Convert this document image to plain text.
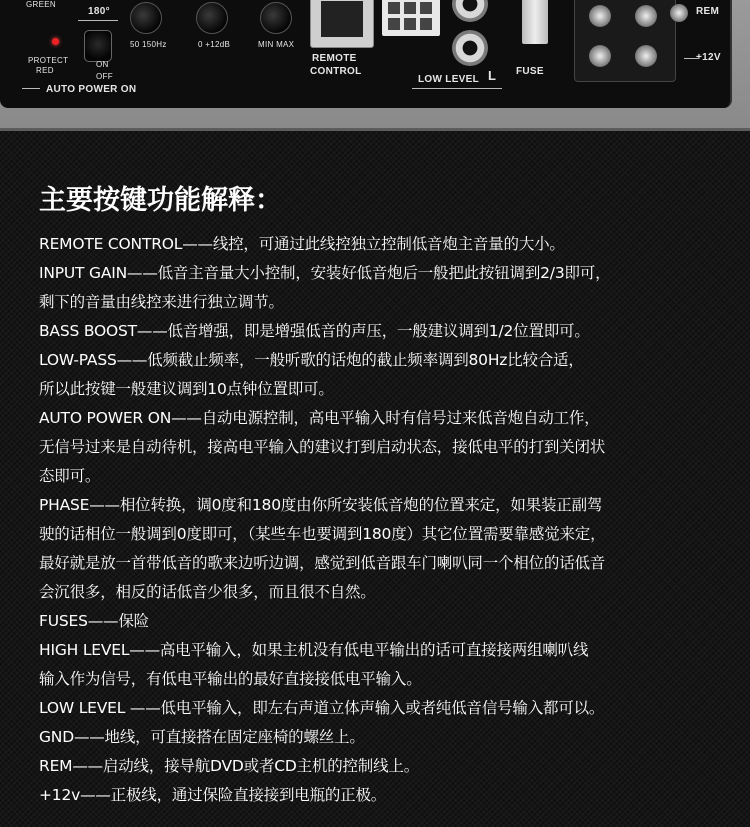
GREEN
180°
50 150Hz	0 +12dB	MIN MAX
REMOTE
CONTROL
LOW LEVEL L FUSE
REM
+12V
PROTECT
RED
ON
OFF
AUTO POWER ON
主要按键功能解释：
REMOTE CONTROL——线控，可通过此线控独立控制低音炮主音量的大小。
INPUT GAIN——低音主音量大小控制，安装好低音炮后一般把此按钮调到2/3即可，
剩下的音量由线控来进行独立调节。
BASS BOOST——低音增强，即是增强低音的声压，一般建议调到1/2位置即可。
LOW-PASS——低频截止频率，一般听歌的话炮的截止频率调到80Hz比较合适，
所以此按键一般建议调到10点钟位置即可。
AUTO POWER ON——自动电源控制，高电平输入时有信号过来低音炮自动工作，
无信号过来是自动待机，接高电平输入的建议打到启动状态，接低电平的打到关闭状
态即可。
PHASE——相位转换，调0度和180度由你所安装低音炮的位置来定，如果装正副驾
驶的话相位一般调到0度即可，（某些车也要调到180度）其它位置需要靠感觉来定，
最好就是放一首带低音的歌来边听边调，感觉到低音跟车门喇叭同一个相位的话低音
会沉很多，相反的话低音少很多，而且很不自然。
FUSES——保险
HIGH LEVEL——高电平输入，如果主机没有低电平输出的话可直接接两组喇叭线
输入作为信号，有低电平输出的最好直接接低电平输入。
LOW LEVEL ——低电平输入，即左右声道立体声输入或者纯低音信号输入都可以。
GND——地线，可直接搭在固定座椅的螺丝上。
REM——启动线，接导航DVD或者CD主机的控制线上。
+12v——正极线，通过保险直接接到电瓶的正极。
